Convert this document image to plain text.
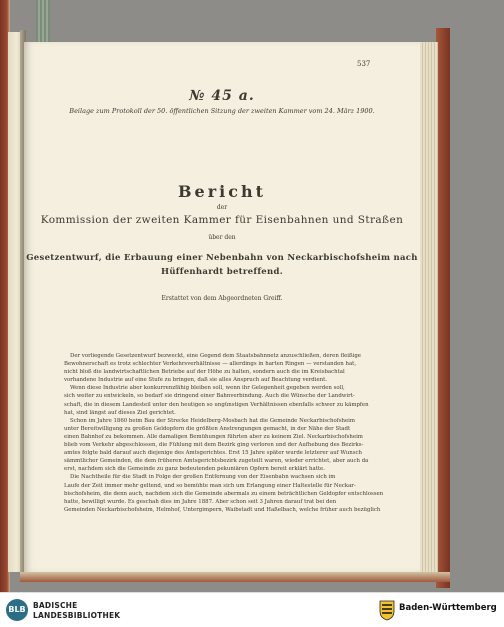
537
№ 45 a.
Beilage zum Protokoll der 50. öffentlichen Sitzung der zweiten Kammer vom 24. März 1900.
Bericht
der
Kommission der zweiten Kammer für Eisenbahnen und Straßen
über den
Gesetzentwurf, die Erbauung einer Nebenbahn von Neckarbischofsheim nach
Hüffenhardt betreffend.
Erstattet von dem Abgeordneten Greiff.
Der vorliegende Gesetzentwurf bezweckt, eine Gegend dem Staatsbahnnetz anzuschließen, deren fleißige
Bewohnerschaft es trotz schlechter Verkehrsverhältnisse — allerdings in harten Ringen — verstanden hat,
nicht bloß die landwirtschaftlichen Betriebe auf der Höhe zu halten, sondern auch die im Kreisbachtal
vorhandene Industrie auf eine Stufe zu bringen, daß sie alles Anspruch auf Beachtung verdient.
Wenn diese Industrie aber konkurrenzfähig bleiben soll, wenn ihr Gelegenheit gegeben werden soll,
sich weiter zu entwickeln, so bedarf sie dringend einer Bahnverbindung. Auch die Wünsche der Landwirt-
schaft, die in diesem Landesteil unter den heutigen so ungünstigen Verhältnissen ebenfalls schwer zu kämpfen
hat, sind längst auf dieses Ziel gerichtet.
Schon im Jahre 1860 beim Bau der Strecke Heidelberg-Mosbach hat die Gemeinde Neckarbischofsheim
unter Bereitwilligung zu großen Geldopfern die größten Anstrengungen gemacht, in der Nähe der Stadt
einen Bahnhof zu bekommen. Alle damaligen Bemühungen führten aber zu keinem Ziel. Neckarbischofsheim
blieb vom Verkehr abgeschlossen, die Fühlung mit dem Bezirk ging verloren und der Aufhebung des Bezirks-
amtes folgte bald darauf auch diejenige des Amtsgerichtes. Erst 15 Jahre später wurde letzterer auf Wunsch
sämmtlicher Gemeinden, die dem früheren Amtsgerichtsbezirk zugeteilt waren, wieder errichtet, aber auch da
erst, nachdem sich die Gemeinde zu ganz bedeutenden pekuniären Opfern bereit erklärt hatte.
Die Nachtheile für die Stadt in Folge der großen Entfernung von der Eisenbahn wachsen sich im
Laufe der Zeit immer mehr geltend, und so bemühte man sich um Erlangung einer Haltestelle für Neckar-
bischofsheim, die denn auch, nachdem sich die Gemeinde abermals zu einem beträchtlichen Geldopfer entschlossen
hatte, bewilligt wurde. Es geschah dies im Jahre 1887. Aber schon seit 3 Jahren darauf trat bei den
Gemeinden Neckarbischofsheim, Helmhof, Untergimpern, Waibstadt und Haßelbach, welche früher auch bezüglich
BLB BADISCHE
LANDESBIBLIOTHEK
Baden-Württemberg
